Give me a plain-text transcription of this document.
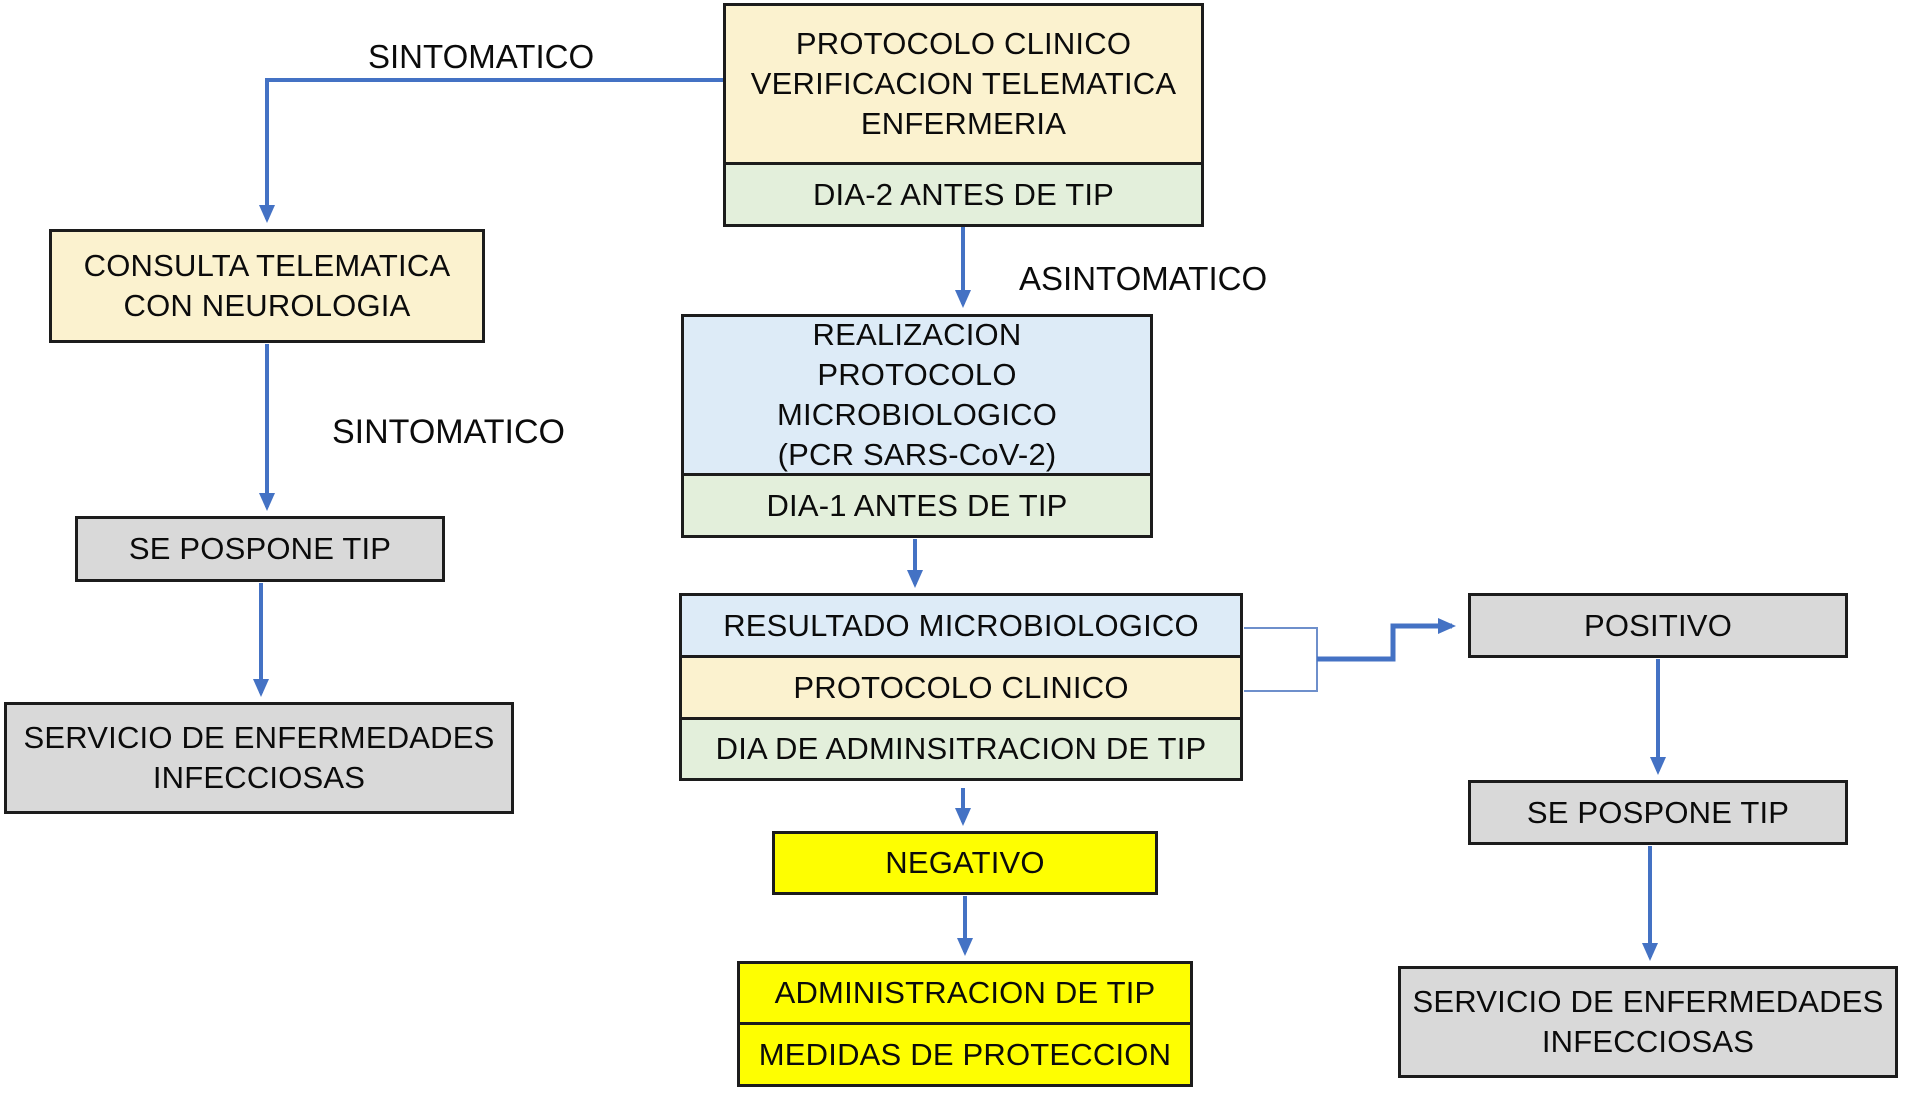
SINTOMATICO
ASINTOMATICO
SINTOMATICO
PROTOCOLO CLINICO
VERIFICACION TELEMATICA
ENFERMERIA
DIA-2 ANTES DE TIP
CONSULTA TELEMATICA
CON NEUROLOGIA
SE POSPONE TIP
SERVICIO DE ENFERMEDADES
INFECCIOSAS
REALIZACION
PROTOCOLO MICROBIOLOGICO
(PCR SARS-CoV-2)
DIA-1 ANTES DE TIP
RESULTADO MICROBIOLOGICO
PROTOCOLO CLINICO
DIA DE ADMINSITRACION DE TIP
NEGATIVO
ADMINISTRACION DE TIP
MEDIDAS DE PROTECCION
POSITIVO
SE POSPONE TIP
SERVICIO DE ENFERMEDADES
INFECCIOSAS
